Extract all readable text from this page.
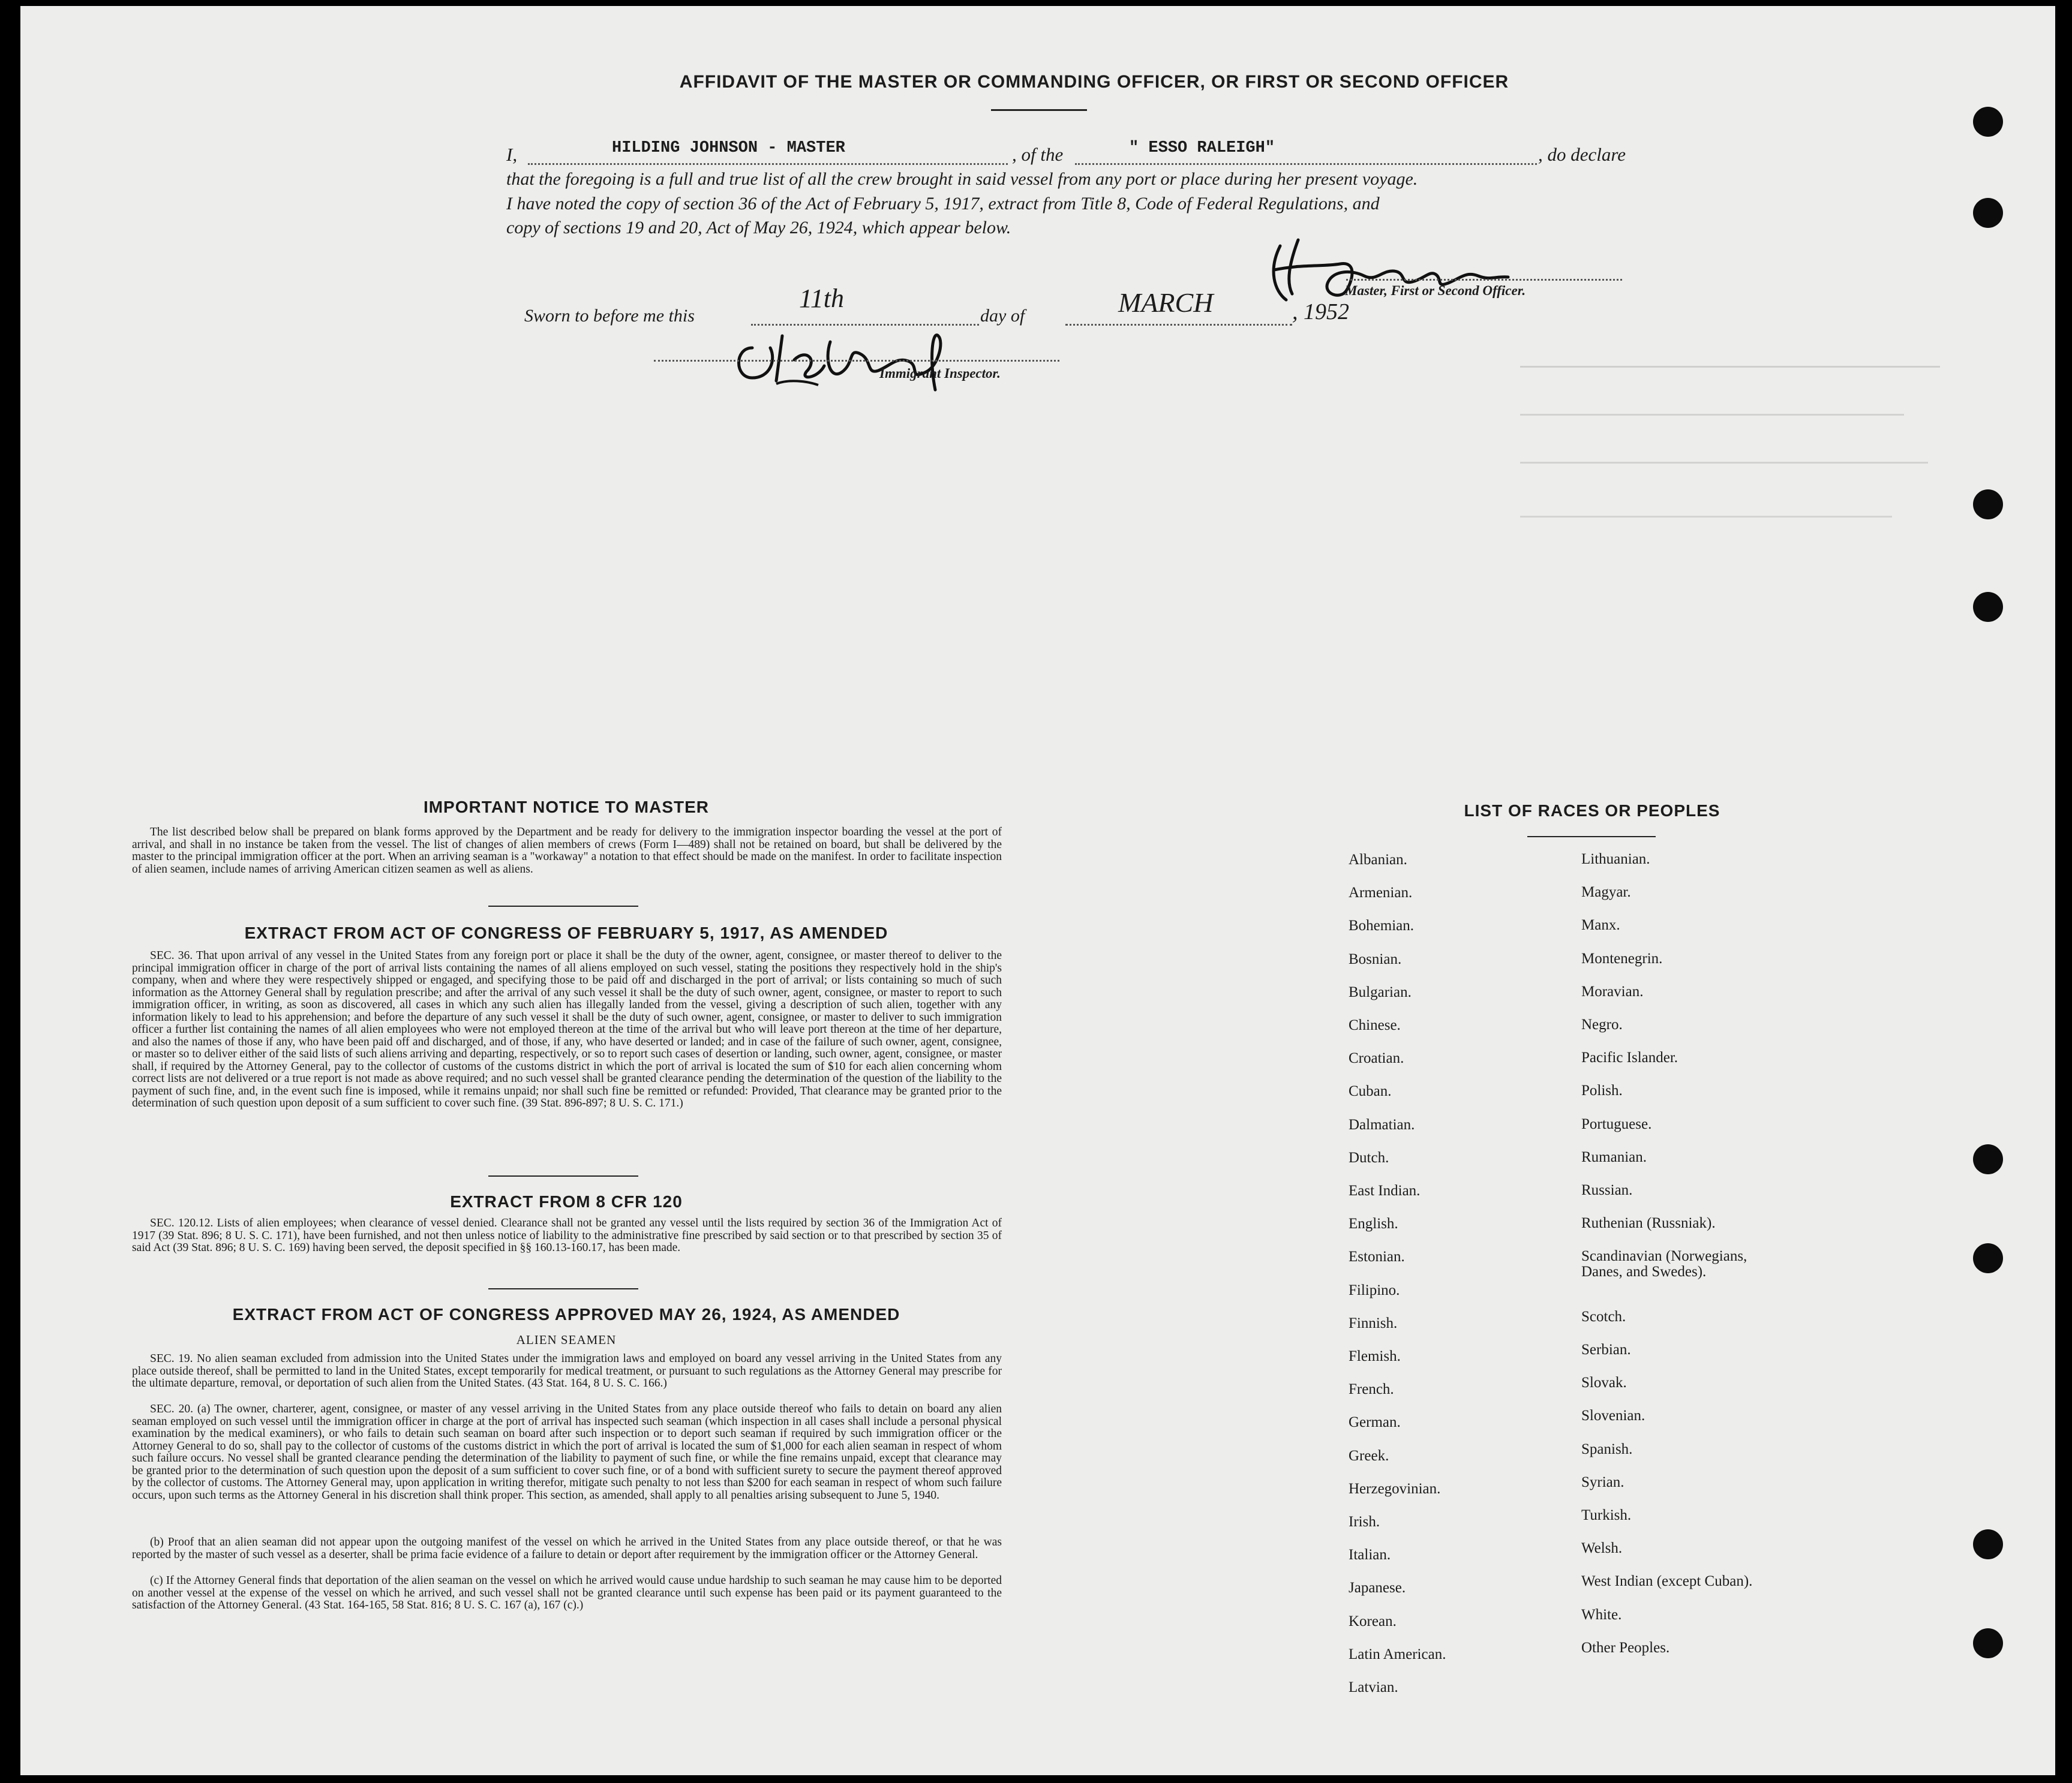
AFFIDAVIT OF THE MASTER OR COMMANDING OFFICER, OR FIRST OR SECOND OFFICER
I,	HILDING JOHNSON - MASTER	, of the	" ESSO RALEIGH"	, do declare
that the foregoing is a full and true list of all the crew brought in said vessel from any port or place during her present voyage.
I have noted the copy of section 36 of the Act of February 5, 1917, extract from Title 8, Code of Federal Regulations, and
copy of sections 19 and 20, Act of May 26, 1924, which appear below.
Master, First or Second Officer.
Sworn to before me this
11th
day of	MARCH	, 1952
Immigrant Inspector.
IMPORTANT NOTICE TO MASTER
The list described below shall be prepared on blank forms approved by the Department and be ready for delivery to the immigration inspector boarding the vessel at the port of arrival, and shall in no instance be taken from the vessel. The list of changes of alien members of crews (Form I—489) shall not be retained on board, but shall be delivered by the master to the principal immigration officer at the port. When an arriving seaman is a "workaway" a notation to that effect should be made on the manifest. In order to facilitate inspection of alien seamen, include names of arriving American citizen seamen as well as aliens.
EXTRACT FROM ACT OF CONGRESS OF FEBRUARY 5, 1917, AS AMENDED
SEC. 36. That upon arrival of any vessel in the United States from any foreign port or place it shall be the duty of the owner, agent, consignee, or master thereof to deliver to the principal immigration officer in charge of the port of arrival lists containing the names of all aliens employed on such vessel, stating the positions they respectively hold in the ship's company, when and where they were respectively shipped or engaged, and specifying those to be paid off and discharged in the port of arrival; or lists containing so much of such information as the Attorney General shall by regulation prescribe; and after the arrival of any such vessel it shall be the duty of such owner, agent, consignee, or master to report to such immigration officer, in writing, as soon as discovered, all cases in which any such alien has illegally landed from the vessel, giving a description of such alien, together with any information likely to lead to his apprehension; and before the departure of any such vessel it shall be the duty of such owner, agent, consignee, or master to deliver to such immigration officer a further list containing the names of all alien employees who were not employed thereon at the time of the arrival but who will leave port thereon at the time of her departure, and also the names of those if any, who have been paid off and discharged, and of those, if any, who have deserted or landed; and in case of the failure of such owner, agent, consignee, or master so to deliver either of the said lists of such aliens arriving and departing, respectively, or so to report such cases of desertion or landing, such owner, agent, consignee, or master shall, if required by the Attorney General, pay to the collector of customs of the customs district in which the port of arrival is located the sum of $10 for each alien concerning whom correct lists are not delivered or a true report is not made as above required; and no such vessel shall be granted clearance pending the determination of the question of the liability to the payment of such fine, and, in the event such fine is imposed, while it remains unpaid; nor shall such fine be remitted or refunded: Provided, That clearance may be granted prior to the determination of such question upon deposit of a sum sufficient to cover such fine. (39 Stat. 896-897; 8 U. S. C. 171.)
EXTRACT FROM 8 CFR 120
SEC. 120.12. Lists of alien employees; when clearance of vessel denied. Clearance shall not be granted any vessel until the lists required by section 36 of the Immigration Act of 1917 (39 Stat. 896; 8 U. S. C. 171), have been furnished, and not then unless notice of liability to the administrative fine prescribed by said section or to that prescribed by section 35 of said Act (39 Stat. 896; 8 U. S. C. 169) having been served, the deposit specified in §§ 160.13-160.17, has been made.
EXTRACT FROM ACT OF CONGRESS APPROVED MAY 26, 1924, AS AMENDED
ALIEN SEAMEN
SEC. 19. No alien seaman excluded from admission into the United States under the immigration laws and employed on board any vessel arriving in the United States from any place outside thereof, shall be permitted to land in the United States, except temporarily for medical treatment, or pursuant to such regulations as the Attorney General may prescribe for the ultimate departure, removal, or deportation of such alien from the United States. (43 Stat. 164, 8 U. S. C. 166.)
SEC. 20. (a) The owner, charterer, agent, consignee, or master of any vessel arriving in the United States from any place outside thereof who fails to detain on board any alien seaman employed on such vessel until the immigration officer in charge at the port of arrival has inspected such seaman (which inspection in all cases shall include a personal physical examination by the medical examiners), or who fails to detain such seaman on board after such inspection or to deport such seaman if required by such immigration officer or the Attorney General to do so, shall pay to the collector of customs of the customs district in which the port of arrival is located the sum of $1,000 for each alien seaman in respect of whom such failure occurs. No vessel shall be granted clearance pending the determination of the liability to payment of such fine, or while the fine remains unpaid, except that clearance may be granted prior to the determination of such question upon the deposit of a sum sufficient to cover such fine, or of a bond with sufficient surety to secure the payment thereof approved by the collector of customs. The Attorney General may, upon application in writing therefor, mitigate such penalty to not less than $200 for each seaman in respect of whom such failure occurs, upon such terms as the Attorney General in his discretion shall think proper. This section, as amended, shall apply to all penalties arising subsequent to June 5, 1940.
(b) Proof that an alien seaman did not appear upon the outgoing manifest of the vessel on which he arrived in the United States from any place outside thereof, or that he was reported by the master of such vessel as a deserter, shall be prima facie evidence of a failure to detain or deport after requirement by the immigration officer or the Attorney General.
(c) If the Attorney General finds that deportation of the alien seaman on the vessel on which he arrived would cause undue hardship to such seaman he may cause him to be deported on another vessel at the expense of the vessel on which he arrived, and such vessel shall not be granted clearance until such expense has been paid or its payment guaranteed to the satisfaction of the Attorney General. (43 Stat. 164-165, 58 Stat. 816; 8 U. S. C. 167 (a), 167 (c).)
LIST OF RACES OR PEOPLES
Albanian.
Armenian.
Bohemian.
Bosnian.
Bulgarian.
Chinese.
Croatian.
Cuban.
Dalmatian.
Dutch.
East Indian.
English.
Estonian.
Filipino.
Finnish.
Flemish.
French.
German.
Greek.
Herzegovinian.
Irish.
Italian.
Japanese.
Korean.
Latin American.
Latvian.
Lithuanian.
Magyar.
Manx.
Montenegrin.
Moravian.
Negro.
Pacific Islander.
Polish.
Portuguese.
Rumanian.
Russian.
Ruthenian (Russniak).
Scandinavian (Norwegians, Danes, and Swedes).
Scotch.
Serbian.
Slovak.
Slovenian.
Spanish.
Syrian.
Turkish.
Welsh.
West Indian (except Cuban).
White.
Other Peoples.
